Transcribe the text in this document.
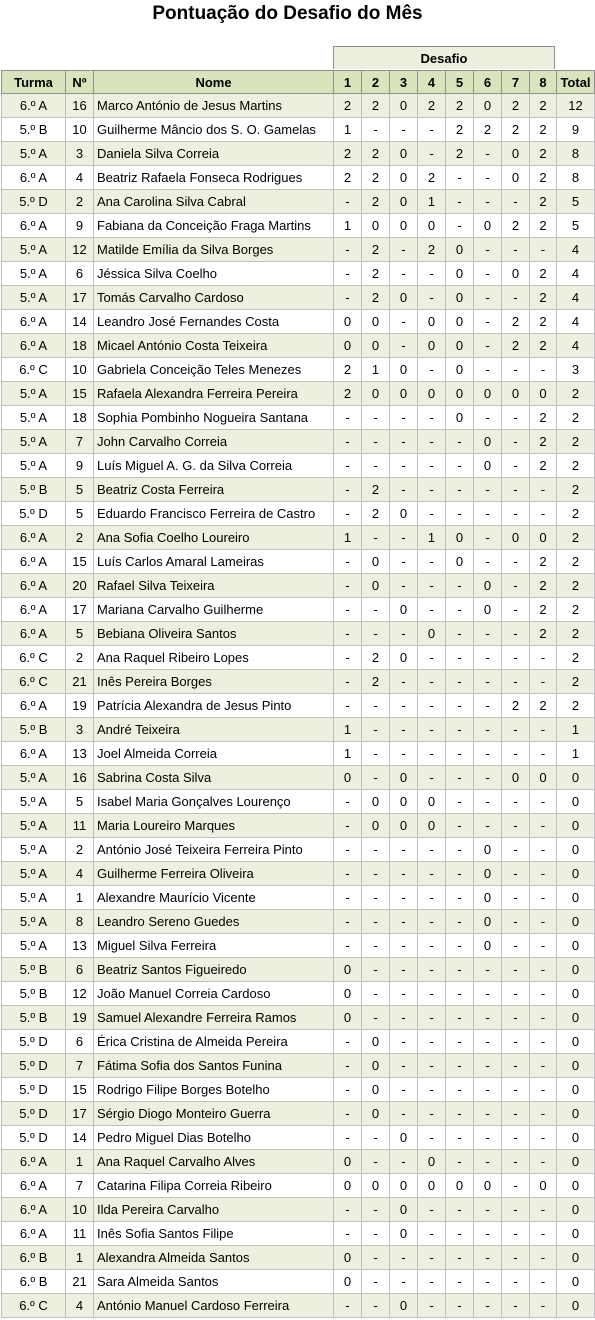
Pontuação do Desafio do Mês
Desafio
Turma	Nº	Nome	1	2	3	4	5	6	7	8	Total
6.º A	16	Marco António de Jesus Martins	2	2	0	2	2	0	2	2	12
5.º B	10	Guilherme Mâncio dos S. O. Gamelas	1	-	-	-	2	2	2	2	9
5.º A	3	Daniela Silva Correia	2	2	0	-	2	-	0	2	8
6.º A	4	Beatriz Rafaela Fonseca Rodrigues	2	2	0	2	-	-	0	2	8
5.º D	2	Ana Carolina Silva Cabral	-	2	0	1	-	-	-	2	5
6.º A	9	Fabiana da Conceição Fraga Martins	1	0	0	0	-	0	2	2	5
5.º A	12	Matilde Emília da Silva Borges	-	2	-	2	0	-	-	-	4
5.º A	6	Jéssica Silva Coelho	-	2	-	-	0	-	0	2	4
5.º A	17	Tomás Carvalho Cardoso	-	2	0	-	0	-	-	2	4
6.º A	14	Leandro José Fernandes Costa	0	0	-	0	0	-	2	2	4
6.º A	18	Micael António Costa Teixeira	0	0	-	0	0	-	2	2	4
6.º C	10	Gabriela Conceição Teles Menezes	2	1	0	-	0	-	-	-	3
5.º A	15	Rafaela Alexandra Ferreira Pereira	2	0	0	0	0	0	0	0	2
5.º A	18	Sophia Pombinho Nogueira Santana	-	-	-	-	0	-	-	2	2
5.º A	7	John Carvalho Correia	-	-	-	-	-	0	-	2	2
5.º A	9	Luís Miguel A. G. da Silva Correia	-	-	-	-	-	0	-	2	2
5.º B	5	Beatriz Costa Ferreira	-	2	-	-	-	-	-	-	2
5.º D	5	Eduardo Francisco Ferreira de Castro	-	2	0	-	-	-	-	-	2
6.º A	2	Ana Sofia Coelho Loureiro	1	-	-	1	0	-	0	0	2
6.º A	15	Luís Carlos Amaral Lameiras	-	0	-	-	0	-	-	2	2
6.º A	20	Rafael Silva Teixeira	-	0	-	-	-	0	-	2	2
6.º A	17	Mariana Carvalho Guilherme	-	-	0	-	-	0	-	2	2
6.º A	5	Bebiana Oliveira Santos	-	-	-	0	-	-	-	2	2
6.º C	2	Ana Raquel Ribeiro Lopes	-	2	0	-	-	-	-	-	2
6.º C	21	Inês Pereira Borges	-	2	-	-	-	-	-	-	2
6.º A	19	Patrícia Alexandra de Jesus Pinto	-	-	-	-	-	-	2	2	2
5.º B	3	André Teixeira	1	-	-	-	-	-	-	-	1
6.º A	13	Joel Almeida Correia	1	-	-	-	-	-	-	-	1
5.º A	16	Sabrina Costa Silva	0	-	0	-	-	-	0	0	0
5.º A	5	Isabel Maria Gonçalves Lourenço	-	0	0	0	-	-	-	-	0
5.º A	11	Maria Loureiro Marques	-	0	0	0	-	-	-	-	0
5.º A	2	António José Teixeira Ferreira Pinto	-	-	-	-	-	0	-	-	0
5.º A	4	Guilherme Ferreira Oliveira	-	-	-	-	-	0	-	-	0
5.º A	1	Alexandre Maurício Vicente	-	-	-	-	-	0	-	-	0
5.º A	8	Leandro Sereno Guedes	-	-	-	-	-	0	-	-	0
5.º A	13	Miguel Silva Ferreira	-	-	-	-	-	0	-	-	0
5.º B	6	Beatriz Santos Figueiredo	0	-	-	-	-	-	-	-	0
5.º B	12	João Manuel Correia Cardoso	0	-	-	-	-	-	-	-	0
5.º B	19	Samuel Alexandre Ferreira Ramos	0	-	-	-	-	-	-	-	0
5.º D	6	Érica Cristina de Almeida Pereira	-	0	-	-	-	-	-	-	0
5.º D	7	Fátima Sofia dos Santos Funina	-	0	-	-	-	-	-	-	0
5.º D	15	Rodrigo Filipe Borges Botelho	-	0	-	-	-	-	-	-	0
5.º D	17	Sérgio Diogo Monteiro Guerra	-	0	-	-	-	-	-	-	0
5.º D	14	Pedro Miguel Dias Botelho	-	-	0	-	-	-	-	-	0
6.º A	1	Ana Raquel Carvalho Alves	0	-	-	0	-	-	-	-	0
6.º A	7	Catarina Filipa Correia Ribeiro	0	0	0	0	0	0	-	0	0
6.º A	10	Ilda Pereira Carvalho	-	-	0	-	-	-	-	-	0
6.º A	11	Inês Sofia Santos Filipe	-	-	0	-	-	-	-	-	0
6.º B	1	Alexandra Almeida Santos	0	-	-	-	-	-	-	-	0
6.º B	21	Sara Almeida Santos	0	-	-	-	-	-	-	-	0
6.º C	4	António Manuel Cardoso Ferreira	-	-	0	-	-	-	-	-	0
